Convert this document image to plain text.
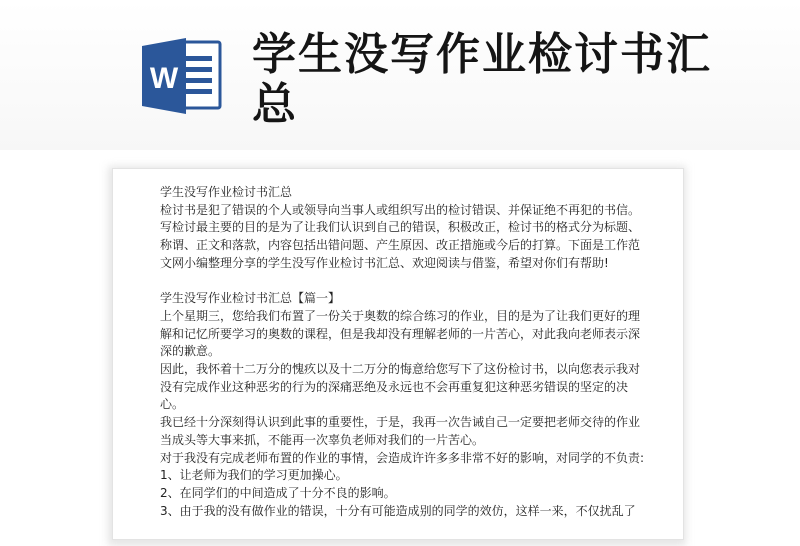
W 学生没写作业检讨书汇总

学生没写作业检讨书汇总

检讨书是犯了错误的个人或领导向当事人或组织写出的检讨错误、并保证绝不再犯的书信。写检讨最主要的目的是为了让我们认识到自己的错误，积极改正，检讨书的格式分为标题、称谓、正文和落款，内容包括出错问题、产生原因、改正措施或今后的打算。下面是工作范文网小编整理分享的学生没写作业检讨书汇总、欢迎阅读与借鉴，希望对你们有帮助!

学生没写作业检讨书汇总【篇一】

上个星期三，您给我们布置了一份关于奥数的综合练习的作业，目的是为了让我们更好的理解和记忆所要学习的奥数的课程，但是我却没有理解老师的一片苦心，对此我向老师表示深深的歉意。

因此，我怀着十二万分的愧疚以及十二万分的悔意给您写下了这份检讨书，以向您表示我对没有完成作业这种恶劣的行为的深痛恶绝及永远也不会再重复犯这种恶劣错误的坚定的决心。

我已经十分深刻得认识到此事的重要性，于是，我再一次告诫自己一定要把老师交待的作业当成头等大事来抓，不能再一次辜负老师对我们的一片苦心。

对于我没有完成老师布置的作业的事情，会造成许许多多非常不好的影响，对同学的不负责:

1、让老师为我们的学习更加操心。

2、在同学们的中间造成了十分不良的影响。

3、由于我的没有做作业的错误，十分有可能造成别的同学的效仿，这样一来，不仅扰乱了
